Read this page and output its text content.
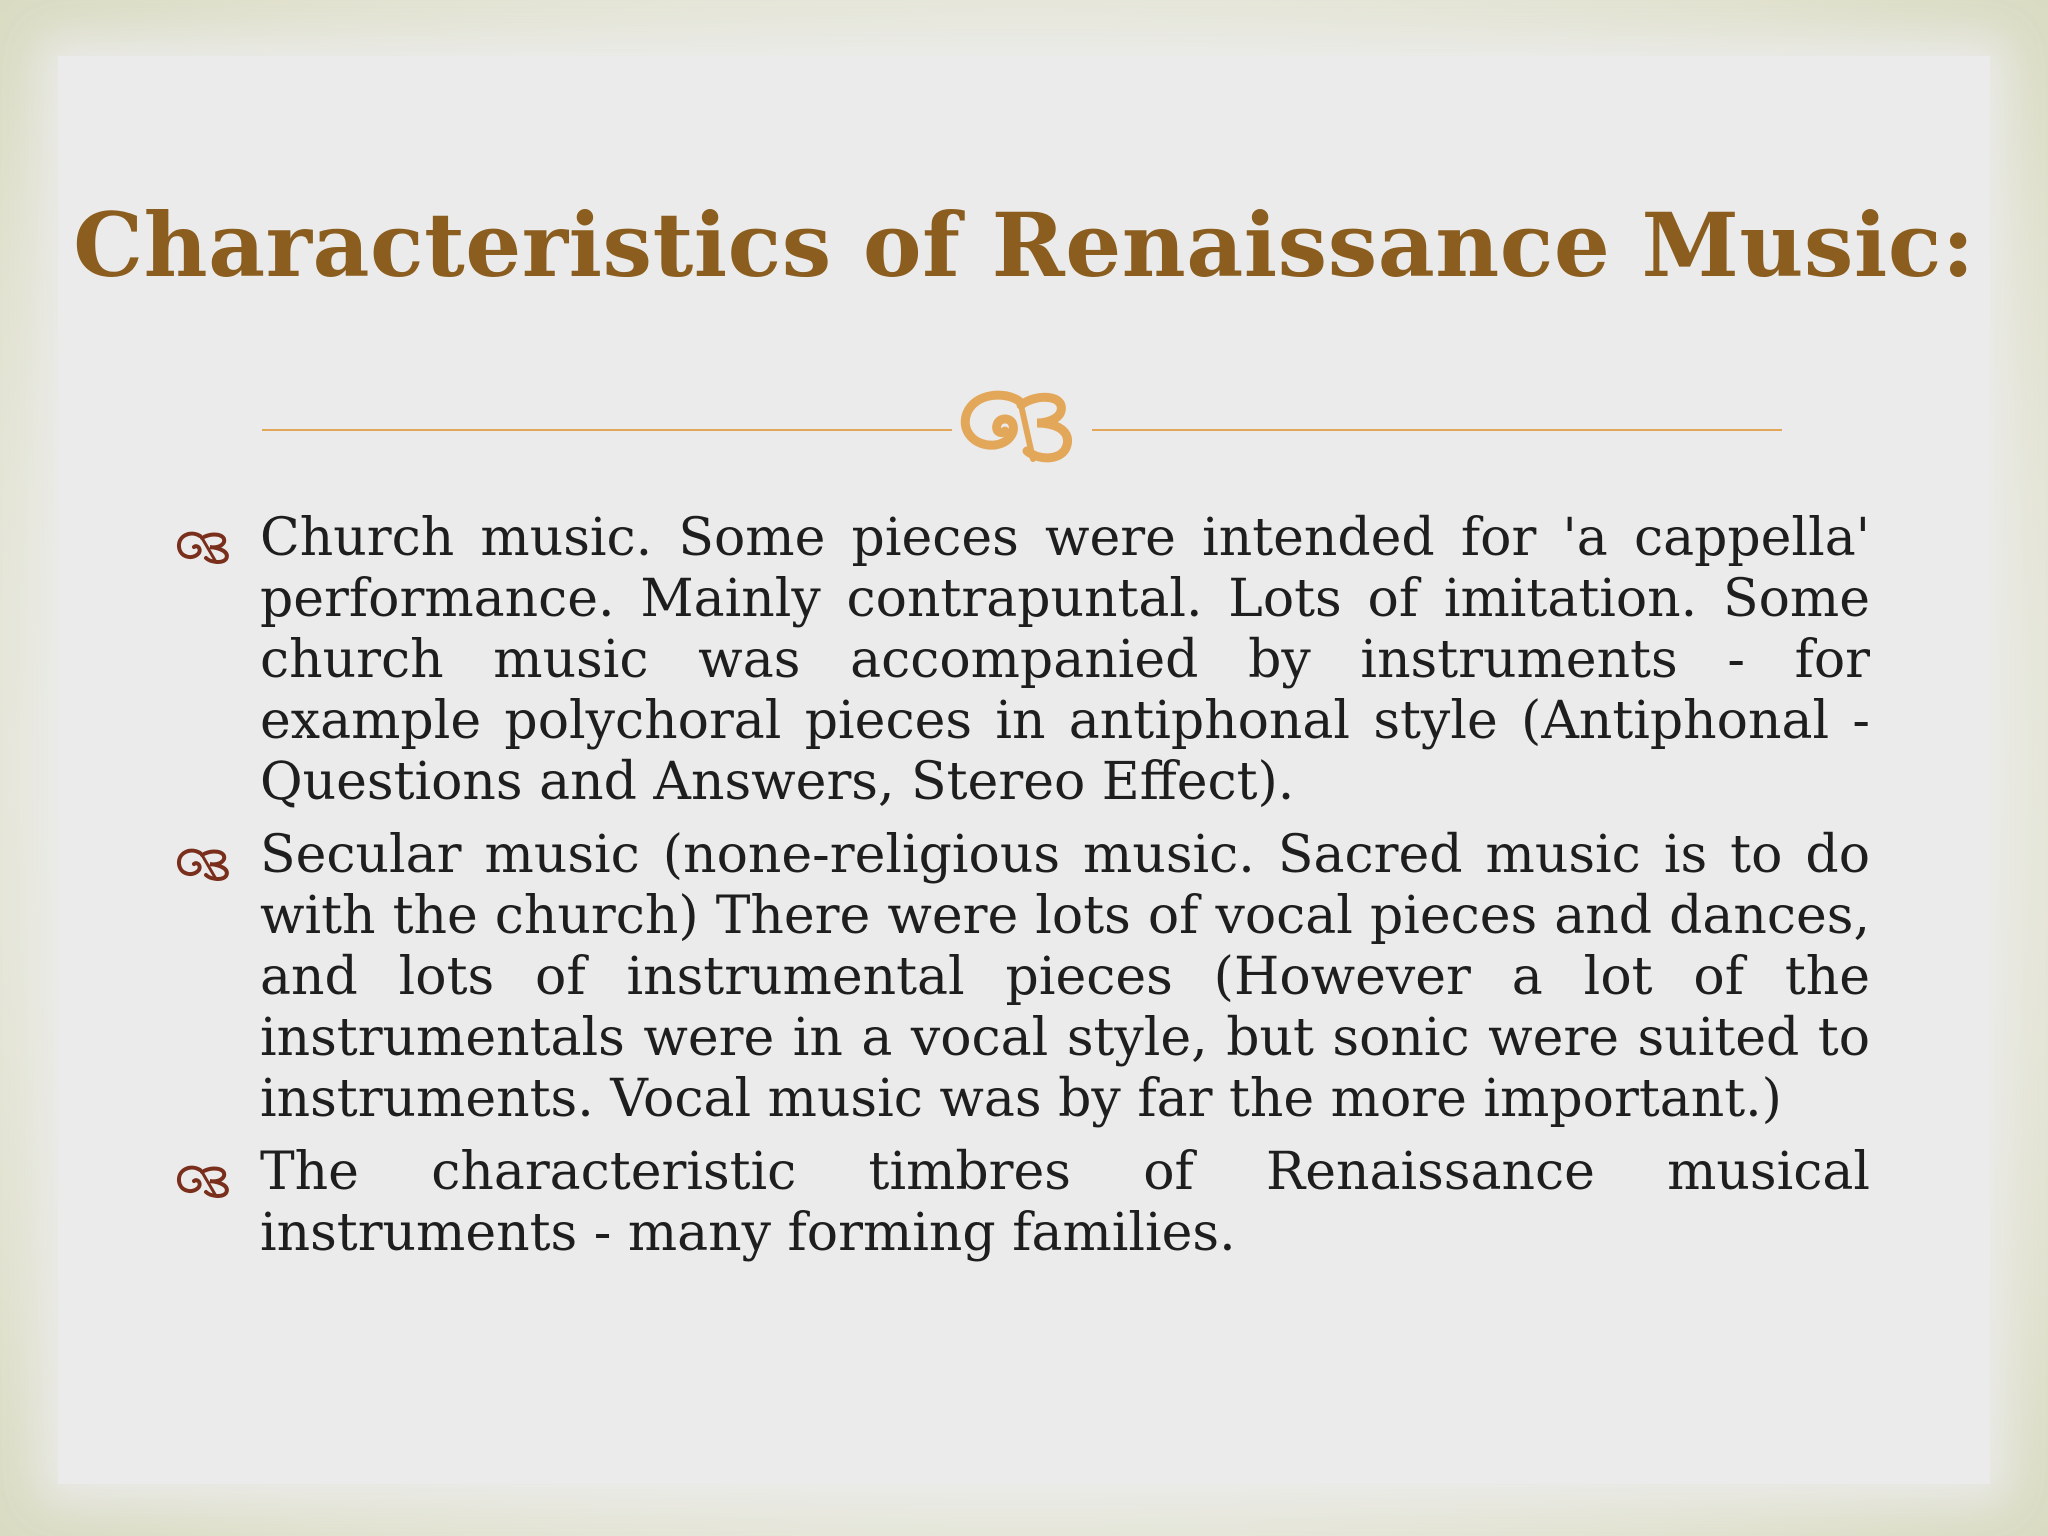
Characteristics of Renaissance Music:
Church music. Some pieces were intended for 'a cappella' performance. Mainly contrapuntal. Lots of imitation. Some church music was accompanied by instruments - for example polychoral pieces in antiphonal style (Antiphonal - Questions and Answers, Stereo Effect).
Secular music (none-religious music. Sacred music is to do with the church) There were lots of vocal pieces and dances, and lots of instrumental pieces (However a lot of the instrumentals were in a vocal style, but sonic were suited to instruments. Vocal music was by far the more important.)
The characteristic timbres of Renaissance musical instruments - many forming families.
